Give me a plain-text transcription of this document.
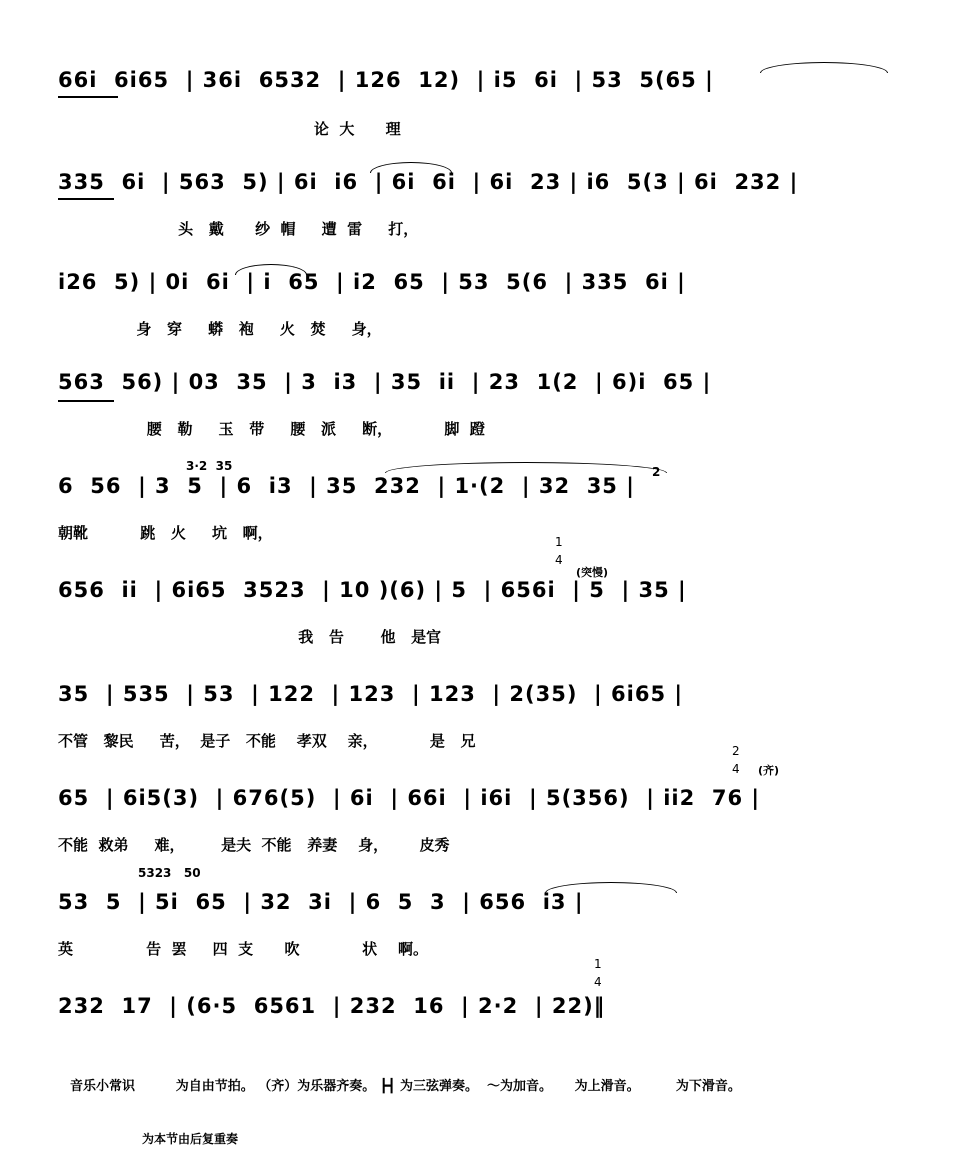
66i  6i65  | 36i  6532  | 126  12)  | i5  6i  | 53  5(65 |
论  大      理
335  6i  | 563  5) | 6i  i6  | 6i  6i  | 6i  23 | i6  5(3 | 6i  232 |
头   戴      纱  帽     遭  雷     打，
i26  5) | 0i  6i  | i  65  | i2  65  | 53  5(6  | 335  6i |
身   穿     蟒   袍     火   焚     身，
563  56) | 03  35  | 3  i3  | 35  ii  | 23  1(2  | 6)i  65 |
腰   勒     玉   带     腰   派     断，          脚  蹬
6  56  | 3  5  | 6  i3  | 35  232  | 1·(2  | 32  35 |
朝靴          跳   火     坑   啊，
656  ii  | 6i65  3523  | 10 )(6) | 5  | 656i  | 5  | 35 |
我   告       他   是官
35  | 535  | 53  | 122  | 123  | 123  | 2(35)  | 6i65 |
不管   黎民     苦，  是子   不能    孝双    亲，          是   兄
65  | 6i5(3)  | 676(5)  | 6i  | 66i  | i6i  | 5(356)  | ii2  76 |
不能  救弟     难，       是夫  不能   养妻    身，      皮秀
53  5  | 5i  65  | 32  3i  | 6  5  3  | 656  i3 |
英              告  罢     四  支      吹            状    啊。
232  17  | (6·5  6561  | 232  16  | 2·2  | 22)‖
3·2  35	2
1
4
(突慢)
2
4 (齐)
5323   50
1
4
音乐小常识         为自由节拍。 （齐）为乐器齐奏。 ┣┫ 为三弦弹奏。  ～为加音。     为上滑音。        为下滑音。
为本节由后复重奏
